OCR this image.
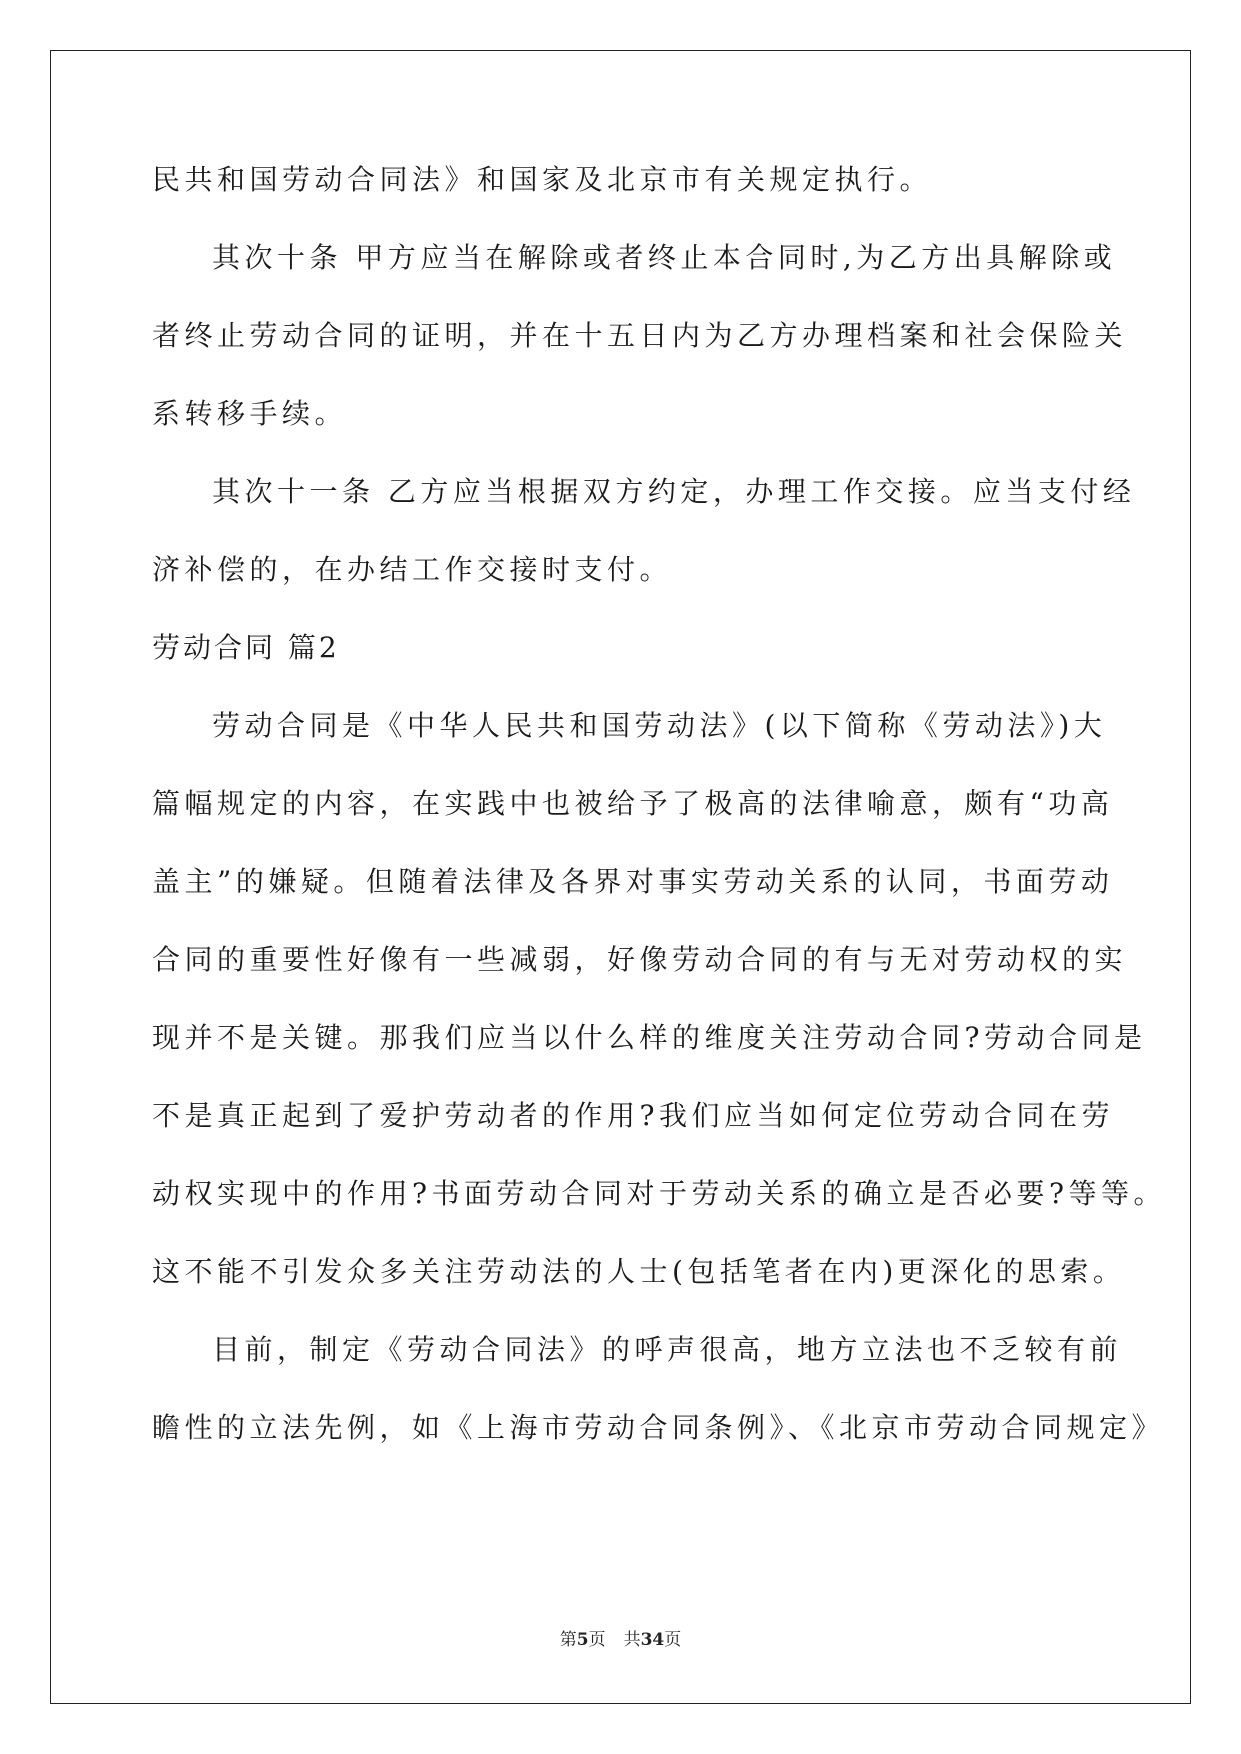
民共和国劳动合同法》和国家及北京市有关规定执行。
其次十条 甲方应当在解除或者终止本合同时,为乙方出具解除或
者终止劳动合同的证明，并在十五日内为乙方办理档案和社会保险关
系转移手续。
其次十一条 乙方应当根据双方约定，办理工作交接。应当支付经
济补偿的，在办结工作交接时支付。
劳动合同 篇2
劳动合同是《中华人民共和国劳动法》(以下简称《劳动法》)大
篇幅规定的内容，在实践中也被给予了极高的法律喻意，颇有“功高
盖主”的嫌疑。但随着法律及各界对事实劳动关系的认同，书面劳动
合同的重要性好像有一些减弱，好像劳动合同的有与无对劳动权的实
现并不是关键。那我们应当以什么样的维度关注劳动合同?劳动合同是
不是真正起到了爱护劳动者的作用?我们应当如何定位劳动合同在劳
动权实现中的作用?书面劳动合同对于劳动关系的确立是否必要?等等。
这不能不引发众多关注劳动法的人士(包括笔者在内)更深化的思索。
目前，制定《劳动合同法》的呼声很高，地方立法也不乏较有前
瞻性的立法先例，如《上海市劳动合同条例》、《北京市劳动合同规定》
第5页 共34页
